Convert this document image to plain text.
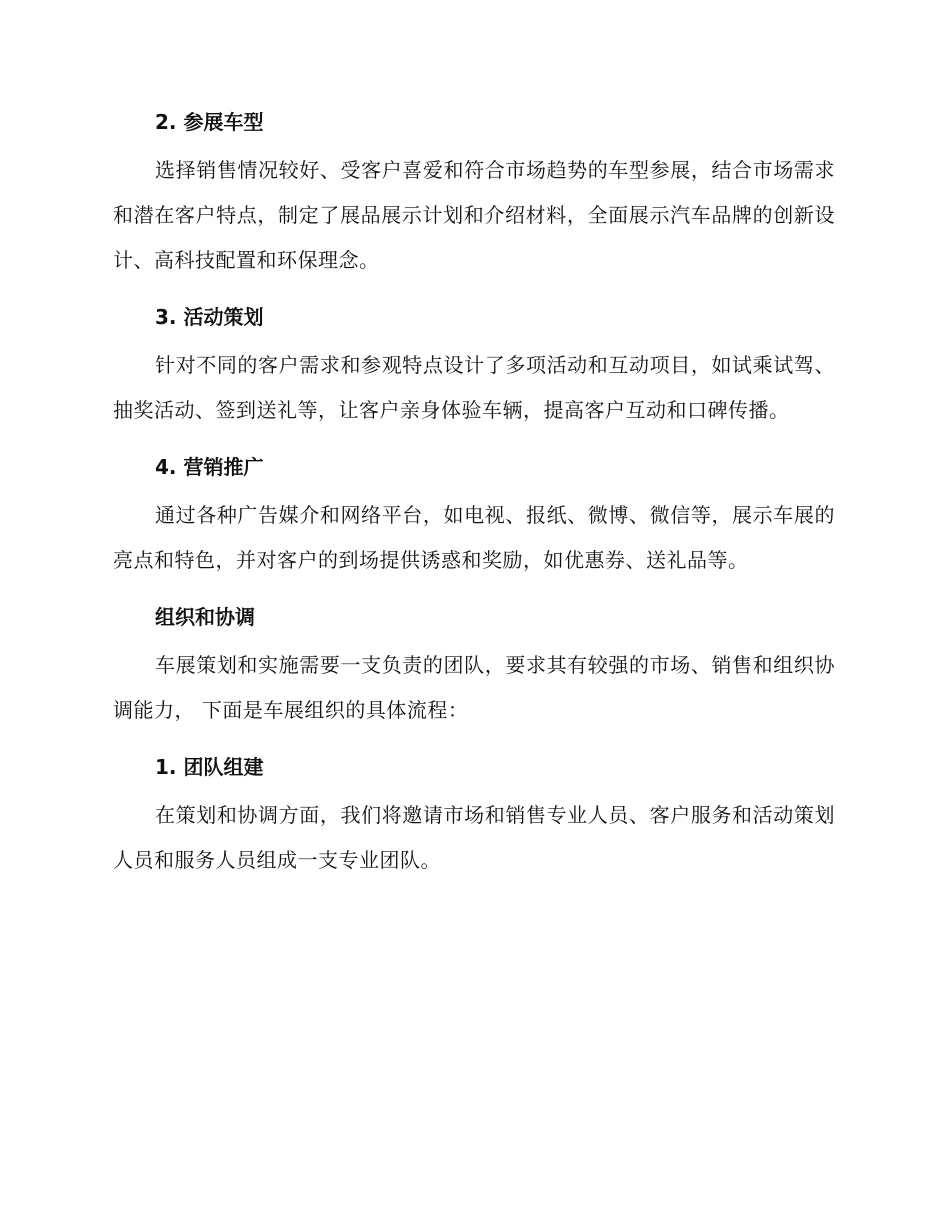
2. 参展车型

选择销售情况较好、受客户喜爱和符合市场趋势的车型参展，结合市场需求和潜在客户特点，制定了展品展示计划和介绍材料，全面展示汽车品牌的创新设计、高科技配置和环保理念。

3. 活动策划

针对不同的客户需求和参观特点设计了多项活动和互动项目，如试乘试驾、抽奖活动、签到送礼等，让客户亲身体验车辆，提高客户互动和口碑传播。

4. 营销推广

通过各种广告媒介和网络平台，如电视、报纸、微博、微信等，展示车展的亮点和特色，并对客户的到场提供诱惑和奖励，如优惠券、送礼品等。

组织和协调

车展策划和实施需要一支负责的团队，要求其有较强的市场、销售和组织协调能力， 下面是车展组织的具体流程：

1. 团队组建

在策划和协调方面，我们将邀请市场和销售专业人员、客户服务和活动策划人员和服务人员组成一支专业团队。
